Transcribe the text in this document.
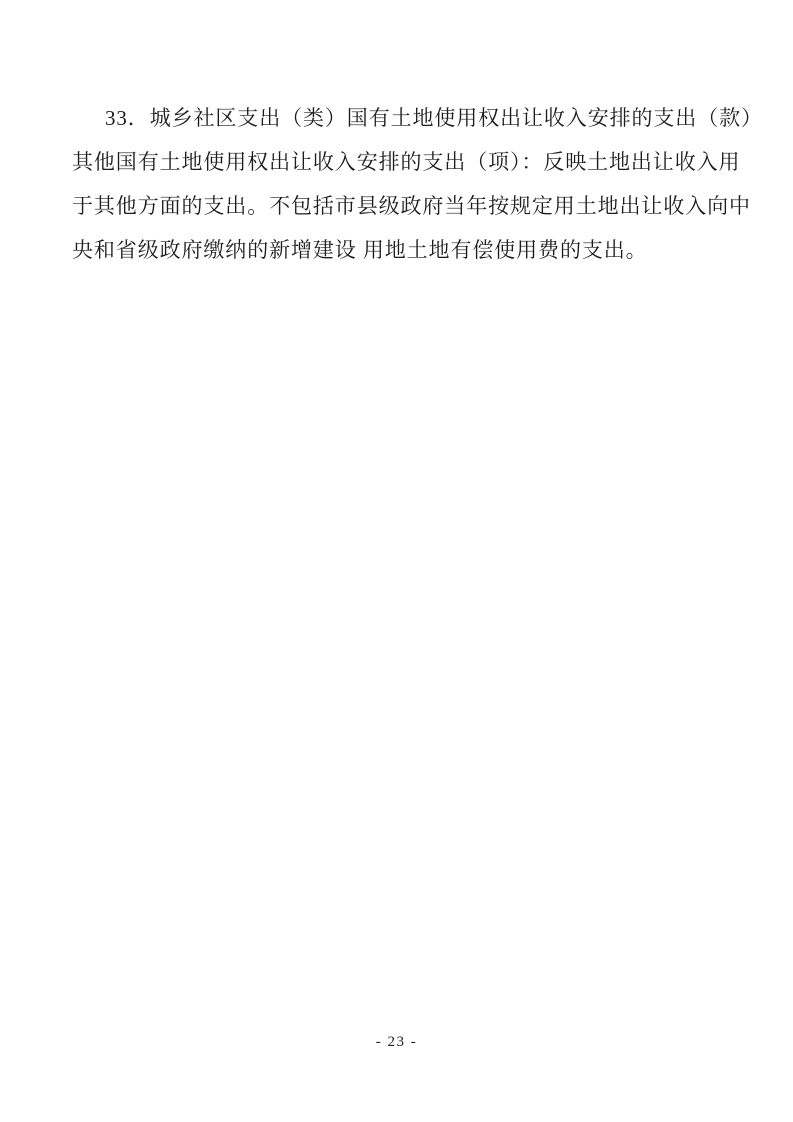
33．城乡社区支出（类）国有土地使用权出让收入安排的支出（款）
其他国有土地使用权出让收入安排的支出（项）：反映土地出让收入用
于其他方面的支出。不包括市县级政府当年按规定用土地出让收入向中
央和省级政府缴纳的新增建设 用地土地有偿使用费的支出。
- 23 -
